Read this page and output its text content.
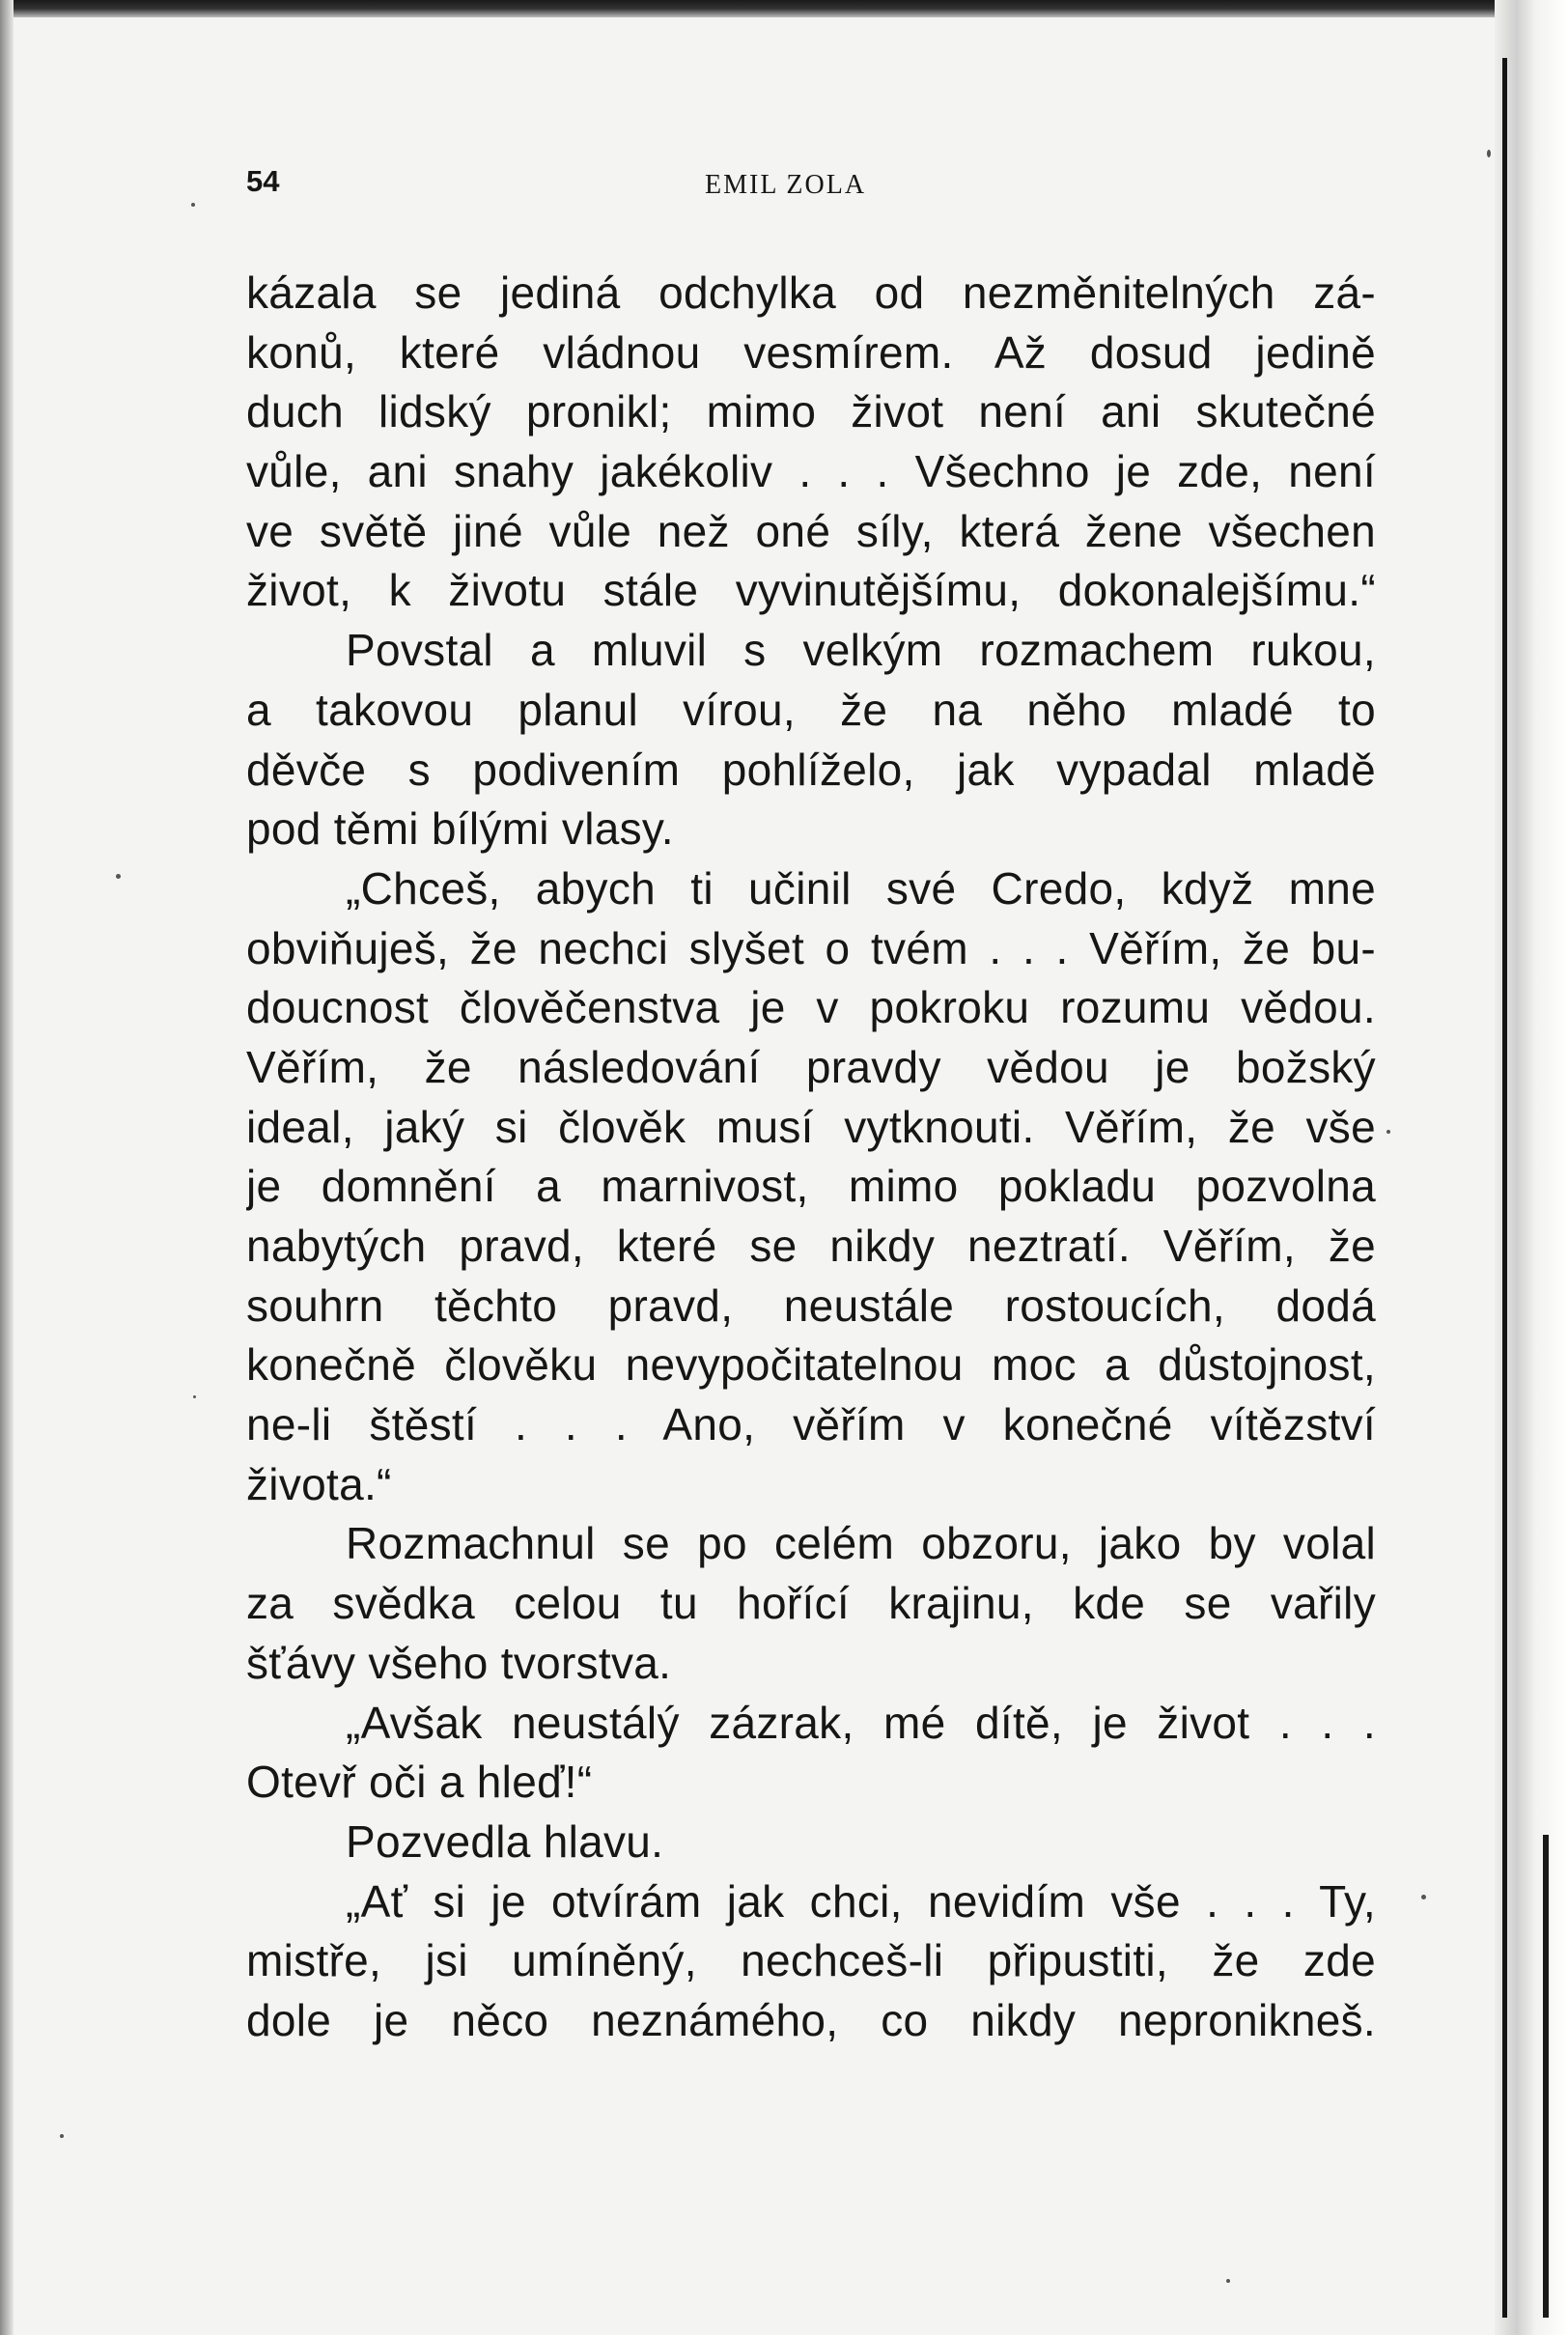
54	EMIL ZOLA
kázala se jediná odchylka od nezměnitelných zá-
konů, které vládnou vesmírem. Až dosud jedině
duch lidský pronikl; mimo život není ani skutečné
vůle, ani snahy jakékoliv . . . Všechno je zde, není
ve světě jiné vůle než oné síly, která žene všechen
život, k životu stále vyvinutějšímu, dokonalejšímu.“
Povstal a mluvil s velkým rozmachem rukou,
a takovou planul vírou, že na něho mladé to
děvče s podivením pohlíželo, jak vypadal mladě
pod těmi bílými vlasy.
„Chceš, abych ti učinil své Credo, když mne
obviňuješ, že nechci slyšet o tvém . . . Věřím, že bu-
doucnost člověčenstva je v pokroku rozumu vědou.
Věřím, že následování pravdy vědou je božský
ideal, jaký si člověk musí vytknouti. Věřím, že vše
je domnění a marnivost, mimo pokladu pozvolna
nabytých pravd, které se nikdy neztratí. Věřím, že
souhrn těchto pravd, neustále rostoucích, dodá
konečně člověku nevypočitatelnou moc a důstojnost,
ne-li štěstí . . . Ano, věřím v konečné vítězství
života.“
Rozmachnul se po celém obzoru, jako by volal
za svědka celou tu hořící krajinu, kde se vařily
šťávy všeho tvorstva.
„Avšak neustálý zázrak, mé dítě, je život . . .
Otevř oči a hleď!“
Pozvedla hlavu.
„Ať si je otvírám jak chci, nevidím vše . . . Ty,
mistře, jsi umíněný, nechceš-li připustiti, že zde
dole je něco neznámého, co nikdy nepronikneš.
